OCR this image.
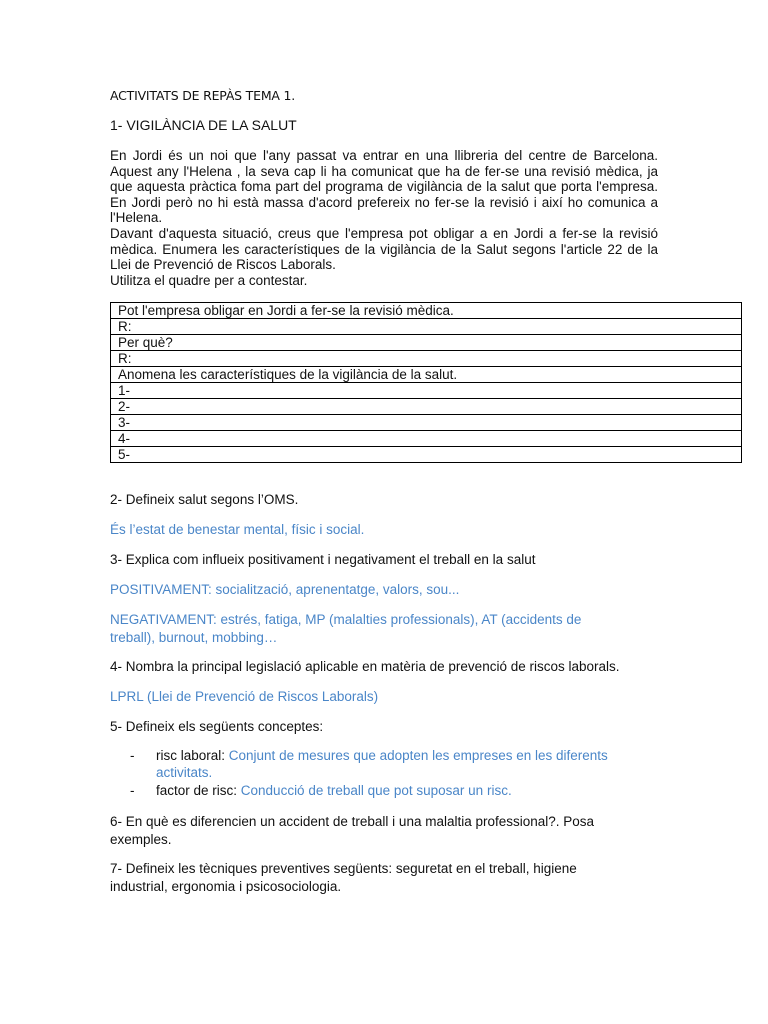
ACTIVITATS DE REPÀS TEMA 1.
1- VIGILÀNCIA DE LA SALUT

En Jordi és un noi que l'any passat va entrar en una llibreria del centre de Barcelona. Aquest any l'Helena , la seva cap li ha comunicat que ha de fer-se una revisió mèdica, ja que aquesta pràctica foma part del programa de vigilància de la salut que porta l'empresa. En Jordi però no hi està massa d'acord prefereix no fer-se la revisió i així ho comunica a l'Helena.

Davant d'aquesta situació, creus que l'empresa pot obligar a en Jordi a fer-se la revisió mèdica. Enumera les característiques de la vigilància de la Salut segons l'article 22 de la Llei de Prevenció de Riscos Laborals.

Utilitza el quadre per a contestar.

Pot l'empresa obligar en Jordi a fer-se la revisió mèdica.
R:
Per què?
R:
Anomena les característiques de la vigilància de la salut.
1-
2-
3-
4-
5-
2- Defineix salut segons l’OMS.
És l’estat de benestar mental, físic i social.
3- Explica com influeix positivament i negativament el treball en la salut
POSITIVAMENT: socialització, aprenentatge, valors, sou...
NEGATIVAMENT: estrés, fatiga, MP (malalties professionals), AT (accidents de
treball), burnout, mobbing…
4- Nombra la principal legislació aplicable en matèria de prevenció de riscos laborals.
LPRL (Llei de Prevenció de Riscos Laborals)
5- Defineix els següents conceptes:
- risc laboral: Conjunt de mesures que adopten les empreses en les diferents activitats.
- factor de risc: Conducció de treball que pot suposar un risc.
6- En què es diferencien un accident de treball i una malaltia professional?. Posa
exemples.
7- Defineix les tècniques preventives següents: seguretat en el treball, higiene
industrial, ergonomia i psicosociologia.
